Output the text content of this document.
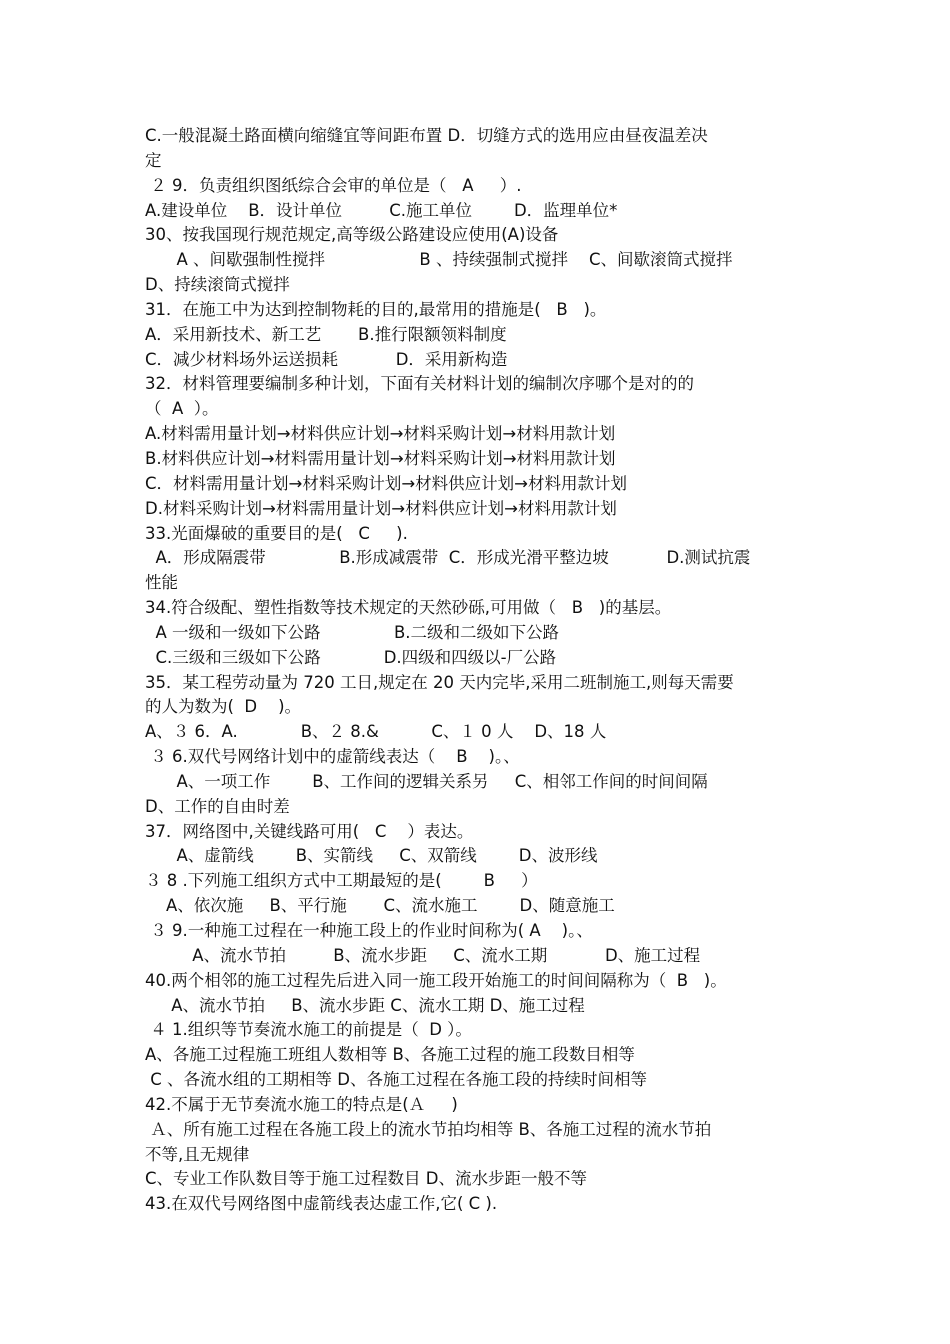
C.一般混凝土路面横向缩缝宜等间距布置 D．切缝方式的选用应由昼夜温差决
定
２ 9．负责组织图纸综合会审的单位是（   A     ）.
A.建设单位    B．设计单位         C.施工单位        D．监理单位*
30、按我国现行规范规定,高等级公路建设应使用(A)设备
A 、间歇强制性搅拌                  B 、持续强制式搅拌    C、间歇滚筒式搅拌
D、持续滚筒式搅拌
31．在施工中为达到控制物耗的目的,最常用的措施是(   B   )。
A．采用新技术、新工艺       B.推行限额领料制度
C．减少材料场外运送损耗           D．采用新构造
32．材料管理要编制多种计划，下面有关材料计划的编制次序哪个是对的的
（  A  ）。
A.材料需用量计划→材料供应计划→材料采购计划→材料用款计划
B.材料供应计划→材料需用量计划→材料采购计划→材料用款计划
C．材料需用量计划→材料采购计划→材料供应计划→材料用款计划
D.材料采购计划→材料需用量计划→材料供应计划→材料用款计划
33.光面爆破的重要目的是(   C     ).
A．形成隔震带              B.形成减震带  C．形成光滑平整边坡           D.测试抗震
性能
34.符合级配、塑性指数等技术规定的天然砂砾,可用做（   B   )的基层。
A 一级和一级如下公路              B.二级和二级如下公路
C.三级和三级如下公路            D.四级和四级以-厂公路
35．某工程劳动量为 720 工日,规定在 20 天内完毕,采用二班制施工,则每天需要
的人为数为(  D    )。
A、３ 6．A.            B、２ 8.&          C、１ 0 人    D、18 人
３ 6.双代号网络计划中的虚箭线表达（    B    )。、
A、一项工作        B、工作间的逻辑关系另     C、相邻工作间的时间间隔
D、工作的自由时差
37．网络图中,关键线路可用(   C    ）表达。
A、虚箭线        B、实箭线     C、双箭线        D、波形线
３ 8 .下列施工组织方式中工期最短的是(        B     ）
A、依次施     B、平行施       C、流水施工        D、随意施工
３ 9.一种施工过程在一种施工段上的作业时间称为( A    )。、
A、流水节拍         B、流水步距     C、流水工期           D、施工过程
40.两个相邻的施工过程先后进入同一施工段开始施工的时间间隔称为（  B   )。
A、流水节拍     B、流水步距 C、流水工期 D、施工过程
４ 1.组织等节奏流水施工的前提是（  D ）。
A、各施工过程施工班组人数相等 B、各施工过程的施工段数目相等
C 、各流水组的工期相等 D、各施工过程在各施工段的持续时间相等
42.不属于无节奏流水施工的特点是(Ａ     )
Ａ、所有施工过程在各施工段上的流水节拍均相等 B、各施工过程的流水节拍
不等,且无规律
C、专业工作队数目等于施工过程数目 D、流水步距一般不等
43.在双代号网络图中虚箭线表达虚工作,它( C ).
